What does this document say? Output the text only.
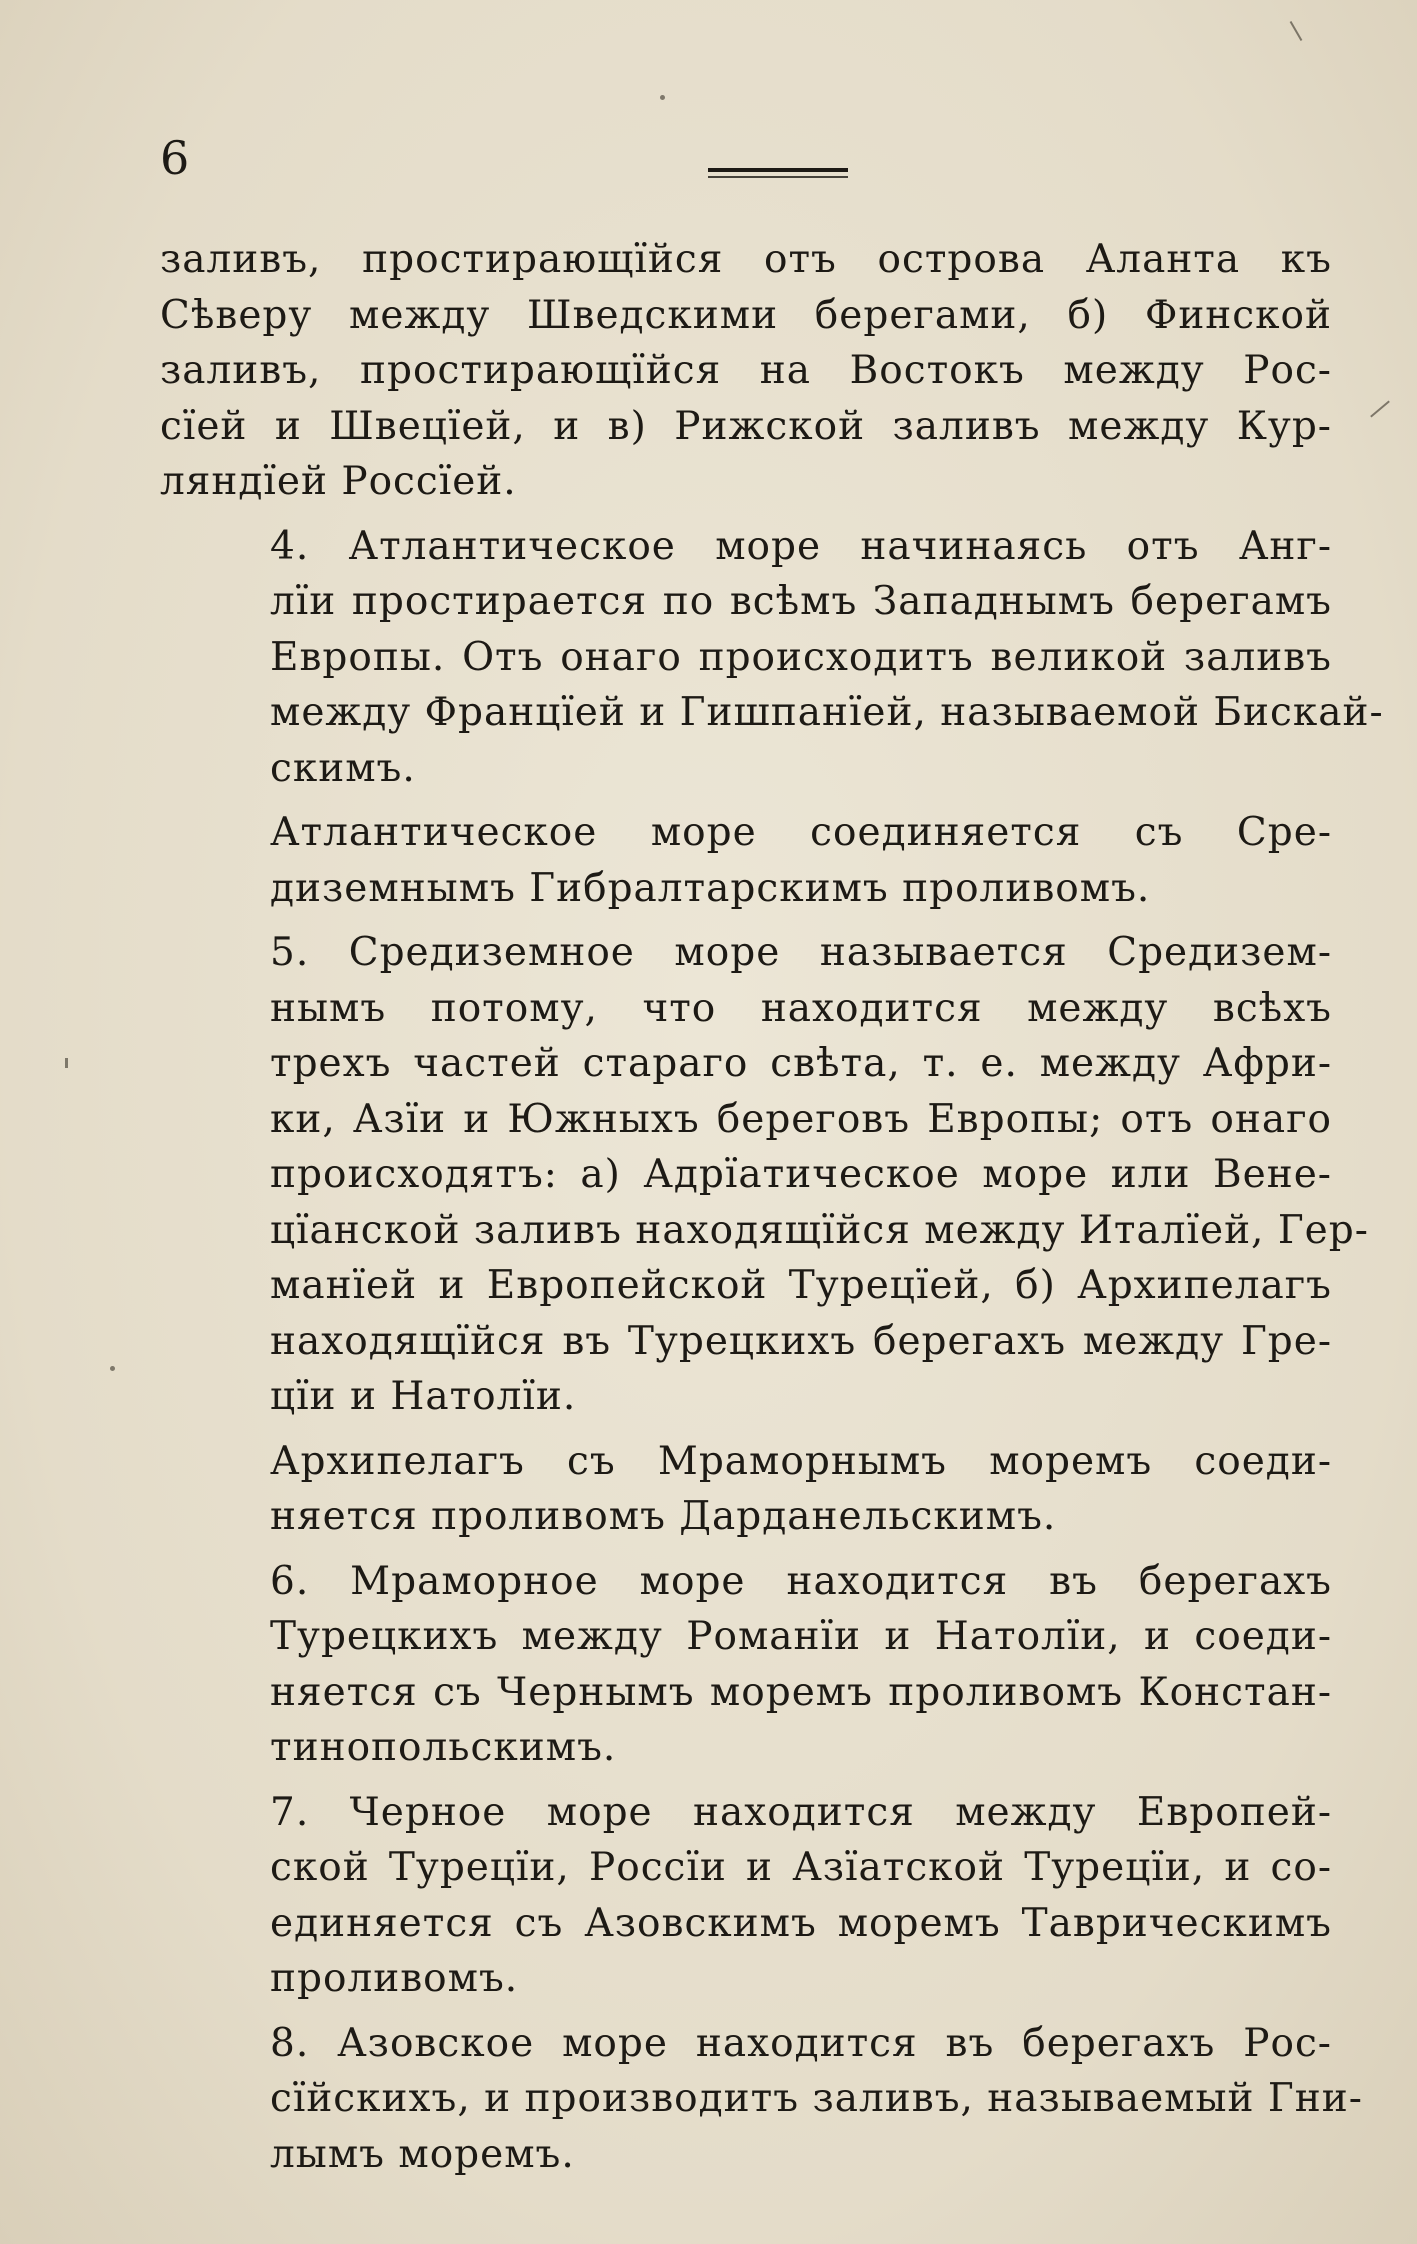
6
заливъ, простирающїйся отъ острова Аланта къ
Сѣверу между Шведскими берегами, б) Финской
заливъ, простирающїйся на Востокъ между Рос-
сїей и Швецїей, и в) Рижской заливъ между Кур-
ляндїей Россїей.
4. Атлантическое море начинаясь отъ Анг-
лїи простирается по всѣмъ Западнымъ берегамъ
Европы. Отъ онаго происходитъ великой заливъ
между Францїей и Гишпанїей, называемой Бискай-
скимъ.
Атлантическое море соединяется съ Сре-
диземнымъ Гибралтарскимъ проливомъ.
5. Средиземное море называется Средизем-
нымъ потому, что находится между всѣхъ
трехъ частей стараго свѣта, т. е. между Афри-
ки, Азїи и Южныхъ береговъ Европы; отъ онаго
происходятъ: а) Адрїатическое море или Вене-
цїанской заливъ находящїйся между Италїей, Гер-
манїей и Европейской Турецїей, б) Архипелагъ
находящїйся въ Турецкихъ берегахъ между Гре-
цїи и Натолїи.
Архипелагъ съ Мраморнымъ моремъ соеди-
няется проливомъ Дарданельскимъ.
6. Мраморное море находится въ берегахъ
Турецкихъ между Романїи и Натолїи, и соеди-
няется съ Чернымъ моремъ проливомъ Констан-
тинопольскимъ.
7. Черное море находится между Европей-
ской Турецїи, Россїи и Азїатской Турецїи, и со-
единяется съ Азовскимъ моремъ Таврическимъ
проливомъ.
8. Азовское море находится въ берегахъ Рос-
сїйскихъ, и производитъ заливъ, называемый Гни-
лымъ моремъ.
